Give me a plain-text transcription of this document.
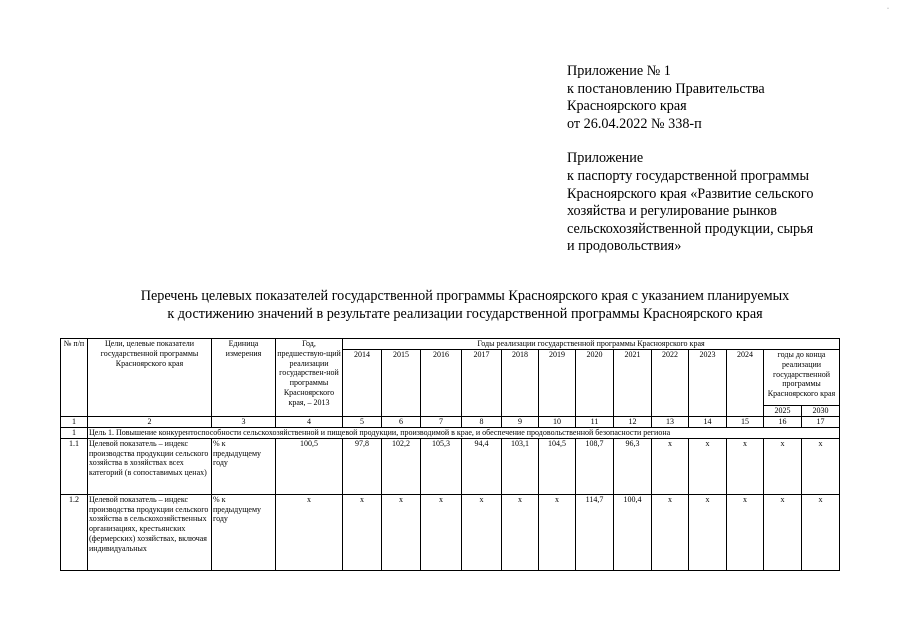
·
Приложение № 1
к постановлению Правительства
Красноярского края
от 26.04.2022 № 338-п
Приложение
к паспорту государственной программы
Красноярского края «Развитие сельского
хозяйства и регулирование рынков
сельскохозяйственной продукции, сырья
и продовольствия»
Перечень целевых показателей государственной программы Красноярского края с указанием планируемых
к достижению значений в результате реализации государственной программы Красноярского края
№ п/п	Цели, целевые показатели государственной программы Красноярского края	Единица измерения	Год, предшествую-щий реализации государствен-ной программы Красноярского края, – 2013	Годы реализации государственной программы Красноярского края												
				2014	2015	2016	2017	2018	2019	2020	2021	2022	2023	2024	годы до конца реализации государственной программы Красноярского края	
															2025	2030
1	2	3	4	5	6	7	8	9	10	11	12	13	14	15	16	17
1	Цель 1. Повышение конкурентоспособности сельскохозяйственной и пищевой продукции, производимой в крае, и обеспечение продовольственной безопасности региона															
1.1	Целевой показатель – индекс производства продукции сельского хозяйства в хозяйствах всех категорий (в сопоставимых ценах)	% к предыдущему году	100,5	97,8	102,2	105,3	94,4	103,1	104,5	108,7	96,3	х	х	х	х	х
1.2	Целевой показатель – индекс производства продукции сельского хозяйства в сельскохозяйственных организациях, крестьянских (фермерских) хозяйствах, включая индивидуальных	% к предыдущему году	х	х	х	х	х	х	х	114,7	100,4	х	х	х	х	х
